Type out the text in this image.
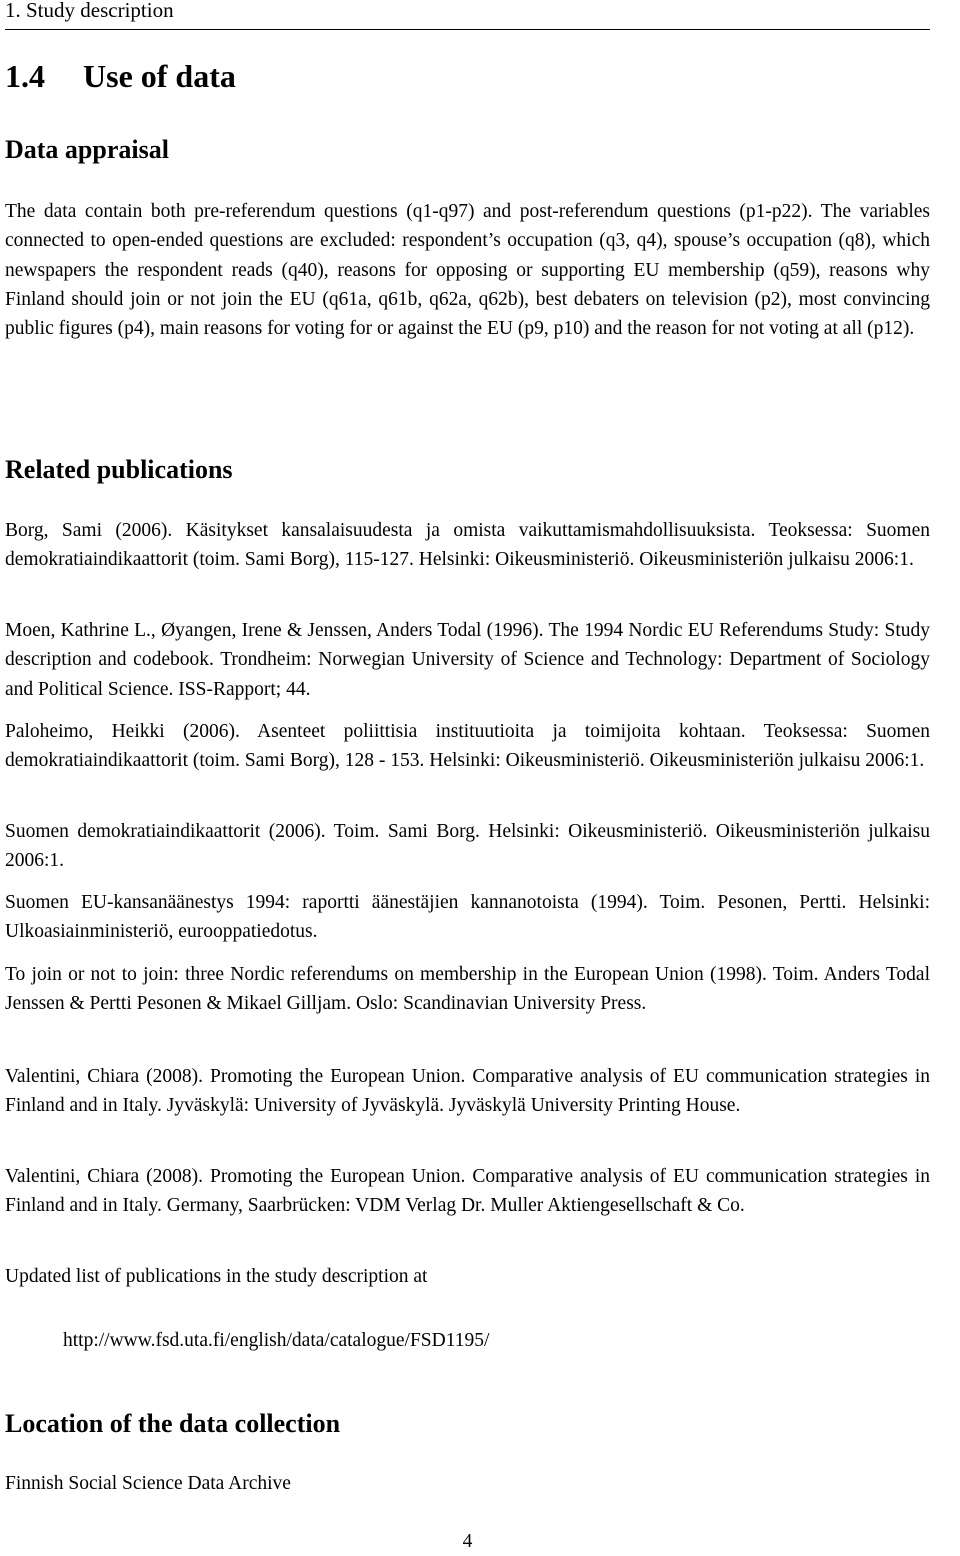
1. Study description
1.4 Use of data
Data appraisal

The data contain both pre-referendum questions (q1-q97) and post-referendum questions (p1-p22). The variables connected to open-ended questions are excluded: respondent’s occupation (q3, q4), spouse’s occupation (q8), which newspapers the respondent reads (q40), reasons for opposing or supporting EU membership (q59), reasons why Finland should join or not join the EU (q61a, q61b, q62a, q62b), best debaters on television (p2), most convincing public figures (p4), main reasons for voting for or against the EU (p9, p10) and the reason for not voting at all (p12).

Related publications

Borg, Sami (2006). Käsitykset kansalaisuudesta ja omista vaikuttamismahdollisuuksista. Teoksessa: Suomen demokratiaindikaattorit (toim. Sami Borg), 115-127. Helsinki: Oikeusministeriö. Oikeusministeriön julkaisu 2006:1.

Moen, Kathrine L., Øyangen, Irene & Jenssen, Anders Todal (1996). The 1994 Nordic EU Referendums Study: Study description and codebook. Trondheim: Norwegian University of Science and Technology: Department of Sociology and Political Science. ISS-Rapport; 44.

Paloheimo, Heikki (2006). Asenteet poliittisia instituutioita ja toimijoita kohtaan. Teoksessa: Suomen demokratiaindikaattorit (toim. Sami Borg), 128 - 153. Helsinki: Oikeusministeriö. Oikeusministeriön julkaisu 2006:1.

Suomen demokratiaindikaattorit (2006). Toim. Sami Borg. Helsinki: Oikeusministeriö. Oikeusministeriön julkaisu 2006:1.

Suomen EU-kansanäänestys 1994: raportti äänestäjien kannanotoista (1994). Toim. Pesonen, Pertti. Helsinki: Ulkoasiainministeriö, eurooppatiedotus.

To join or not to join: three Nordic referendums on membership in the European Union (1998). Toim. Anders Todal Jenssen & Pertti Pesonen & Mikael Gilljam. Oslo: Scandinavian University Press.

Valentini, Chiara (2008). Promoting the European Union. Comparative analysis of EU communication strategies in Finland and in Italy. Jyväskylä: University of Jyväskylä. Jyväskylä University Printing House.

Valentini, Chiara (2008). Promoting the European Union. Comparative analysis of EU communication strategies in Finland and in Italy. Germany, Saarbrücken: VDM Verlag Dr. Muller Aktiengesellschaft & Co.

Updated list of publications in the study description at

http://www.fsd.uta.fi/english/data/catalogue/FSD1195/
Location of the data collection

Finnish Social Science Data Archive

4
